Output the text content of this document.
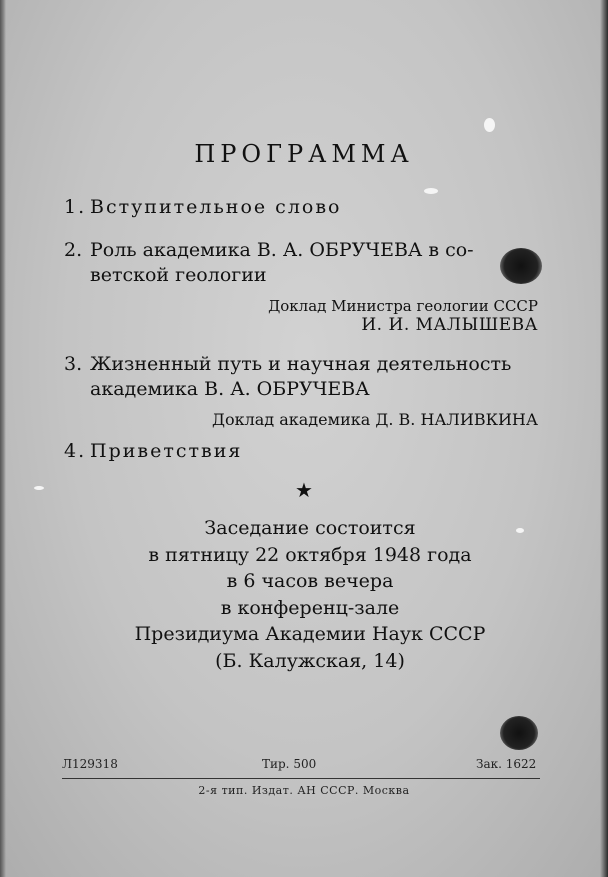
ПРОГРАММА
1. Вступительное слово
2. Роль академика В. А. ОБРУЧЕВА в со-
ветской геологии
Доклад Министра геологии СССР
И. И. МАЛЫШЕВА
3. Жизненный путь и научная деятельность
академика В. А. ОБРУЧЕВА
Доклад академика Д. В. НАЛИВКИНА
4. Приветствия
★
Заседание состоится
в пятницу 22 октября 1948 года
в 6 часов вечера
в конференц-зале
Президиума Академии Наук СССР
(Б. Калужская, 14)
Л129318	Тир. 500	Зак. 1622
2-я тип. Издат. АН СССР. Москва
